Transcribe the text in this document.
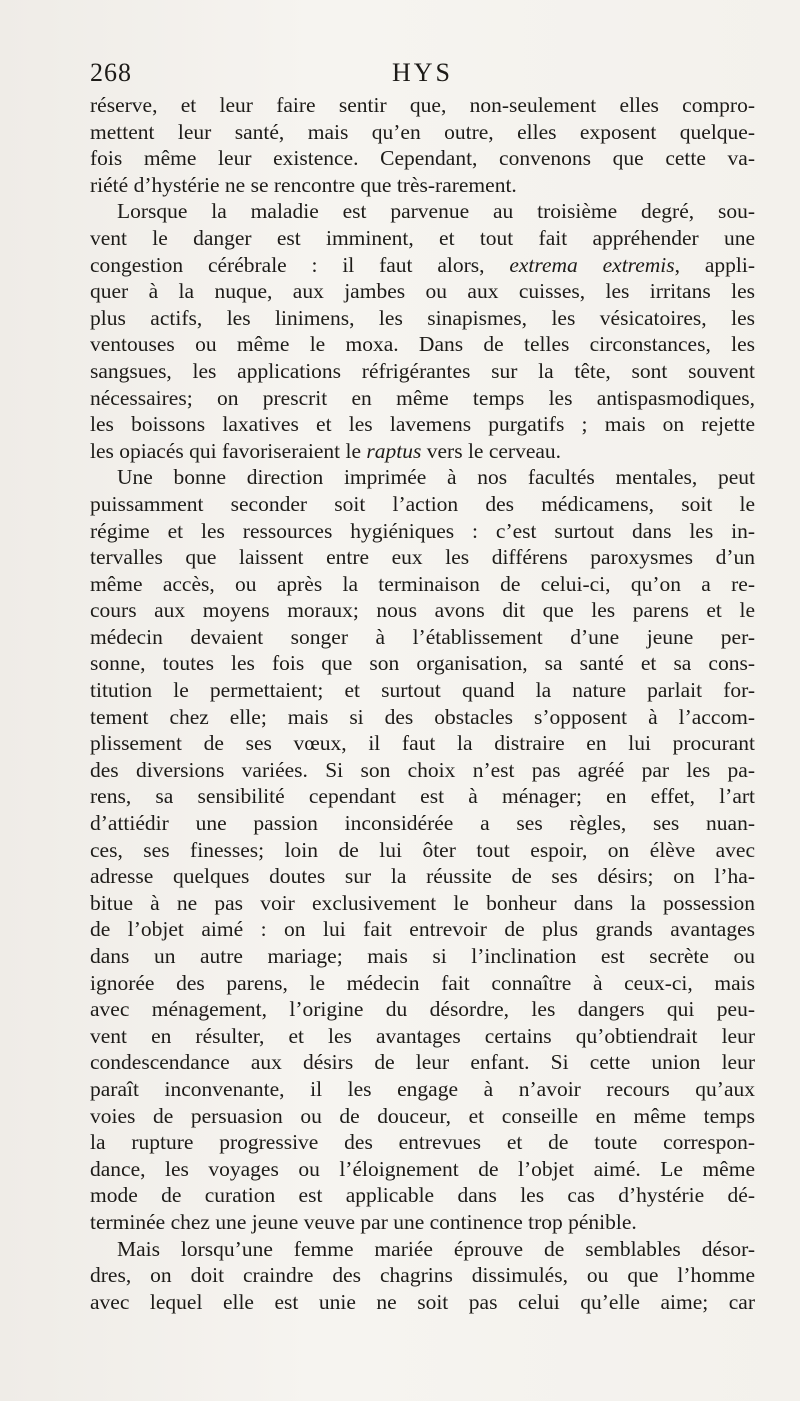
268	HYS
réserve, et leur faire sentir que, non-seulement elles compro-
mettent leur santé, mais qu’en outre, elles exposent quelque-
fois même leur existence. Cependant, convenons que cette va-
riété d’hystérie ne se rencontre que très-rarement.
Lorsque la maladie est parvenue au troisième degré, sou-
vent le danger est imminent, et tout fait appréhender une
congestion cérébrale : il faut alors, extrema extremis, appli-
quer à la nuque, aux jambes ou aux cuisses, les irritans les
plus actifs, les linimens, les sinapismes, les vésicatoires, les
ventouses ou même le moxa. Dans de telles circonstances, les
sangsues, les applications réfrigérantes sur la tête, sont souvent
nécessaires; on prescrit en même temps les antispasmodiques,
les boissons laxatives et les lavemens purgatifs ; mais on rejette
les opiacés qui favoriseraient le raptus vers le cerveau.
Une bonne direction imprimée à nos facultés mentales, peut
puissamment seconder soit l’action des médicamens, soit le
régime et les ressources hygiéniques : c’est surtout dans les in-
tervalles que laissent entre eux les différens paroxysmes d’un
même accès, ou après la terminaison de celui-ci, qu’on a re-
cours aux moyens moraux; nous avons dit que les parens et le
médecin devaient songer à l’établissement d’une jeune per-
sonne, toutes les fois que son organisation, sa santé et sa cons-
titution le permettaient; et surtout quand la nature parlait for-
tement chez elle; mais si des obstacles s’opposent à l’accom-
plissement de ses vœux, il faut la distraire en lui procurant
des diversions variées. Si son choix n’est pas agréé par les pa-
rens, sa sensibilité cependant est à ménager; en effet, l’art
d’attiédir une passion inconsidérée a ses règles, ses nuan-
ces, ses finesses; loin de lui ôter tout espoir, on élève avec
adresse quelques doutes sur la réussite de ses désirs; on l’ha-
bitue à ne pas voir exclusivement le bonheur dans la possession
de l’objet aimé : on lui fait entrevoir de plus grands avantages
dans un autre mariage; mais si l’inclination est secrète ou
ignorée des parens, le médecin fait connaître à ceux-ci, mais
avec ménagement, l’origine du désordre, les dangers qui peu-
vent en résulter, et les avantages certains qu’obtiendrait leur
condescendance aux désirs de leur enfant. Si cette union leur
paraît inconvenante, il les engage à n’avoir recours qu’aux
voies de persuasion ou de douceur, et conseille en même temps
la rupture progressive des entrevues et de toute correspon-
dance, les voyages ou l’éloignement de l’objet aimé. Le même
mode de curation est applicable dans les cas d’hystérie dé-
terminée chez une jeune veuve par une continence trop pénible.
Mais lorsqu’une femme mariée éprouve de semblables désor-
dres, on doit craindre des chagrins dissimulés, ou que l’homme
avec lequel elle est unie ne soit pas celui qu’elle aime; car
